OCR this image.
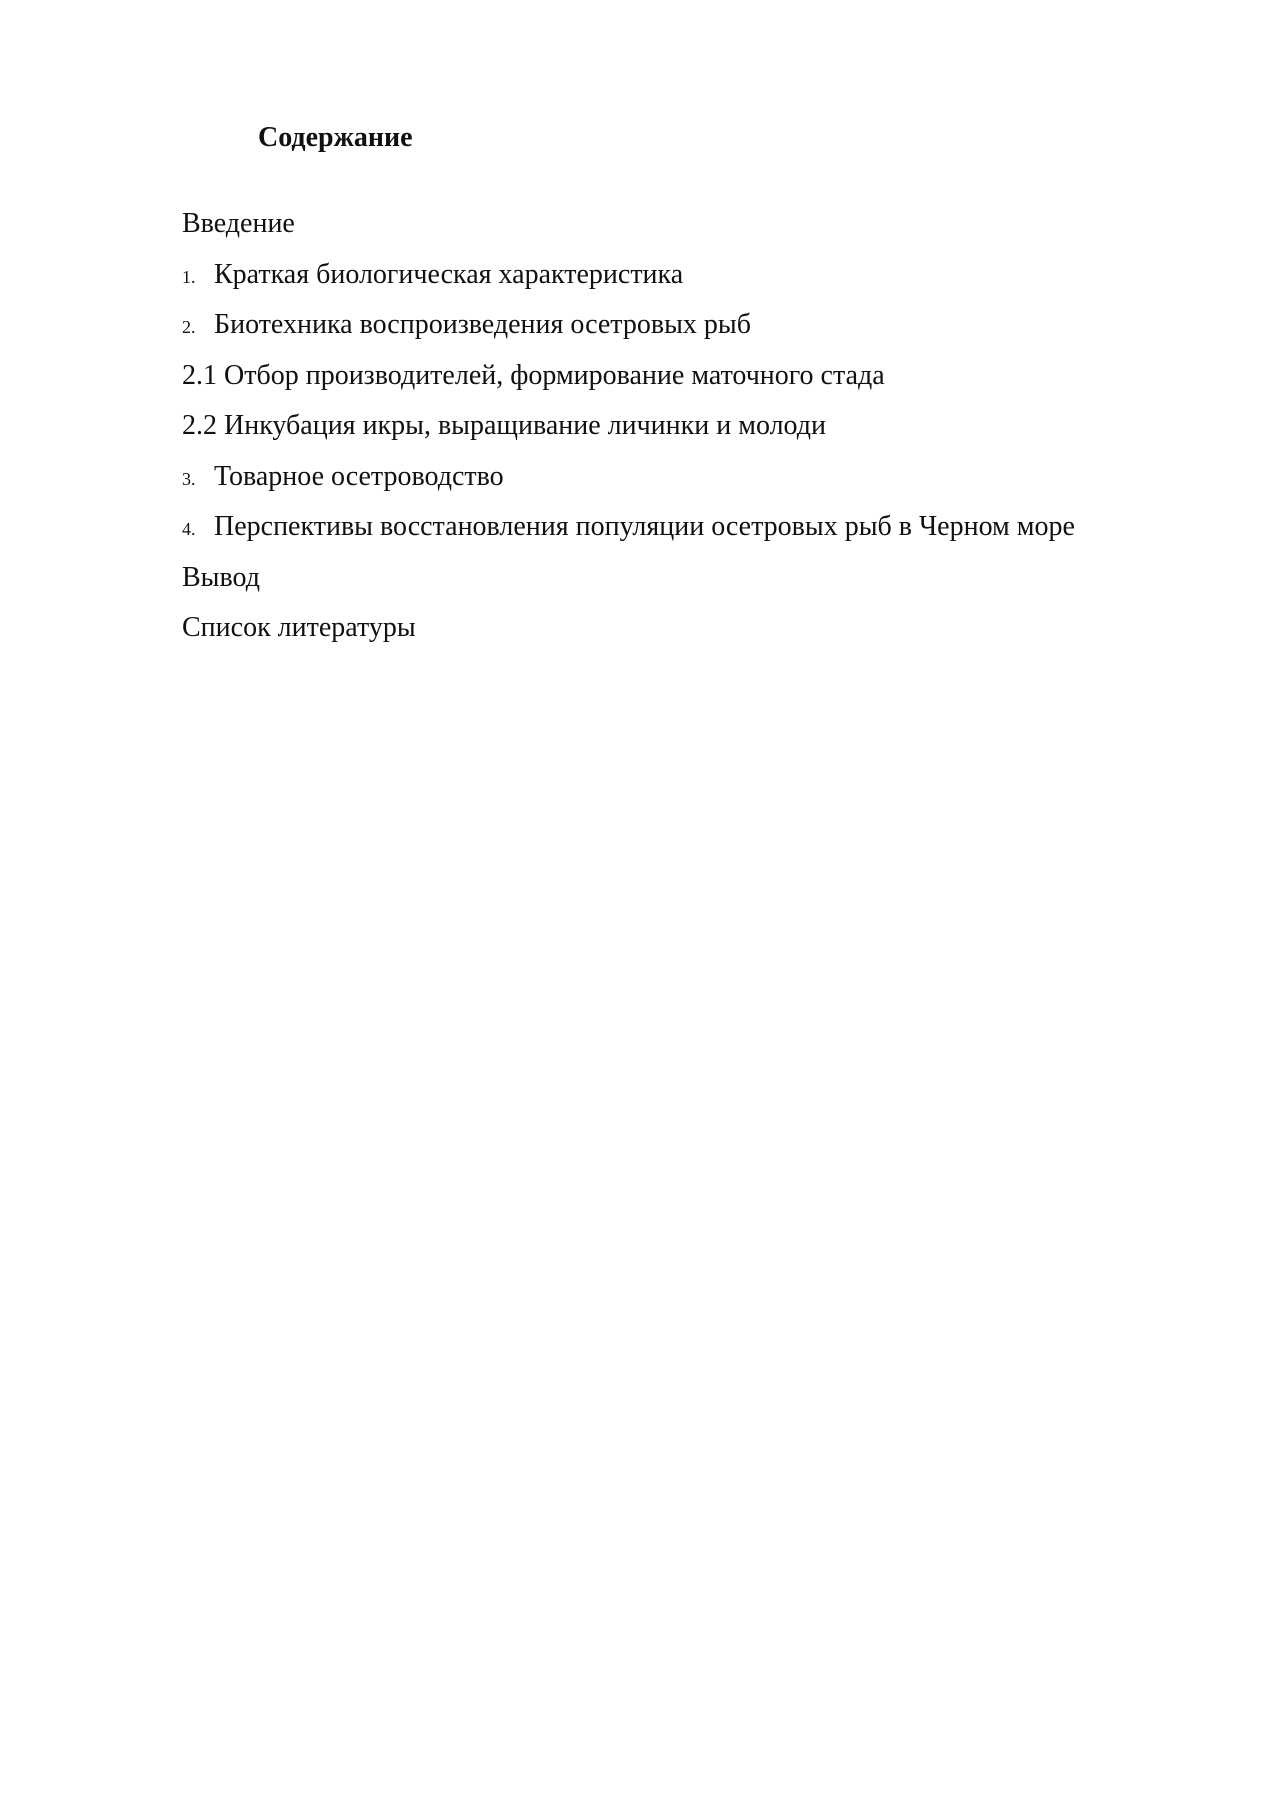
Содержание
Введение
1. Краткая биологическая характеристика
2. Биотехника воспроизведения осетровых рыб
2.1 Отбор производителей, формирование маточного стада
2.2 Инкубация икры, выращивание личинки и молоди
3. Товарное осетроводство
4. Перспективы восстановления популяции осетровых рыб в Черном море
Вывод
Список литературы
